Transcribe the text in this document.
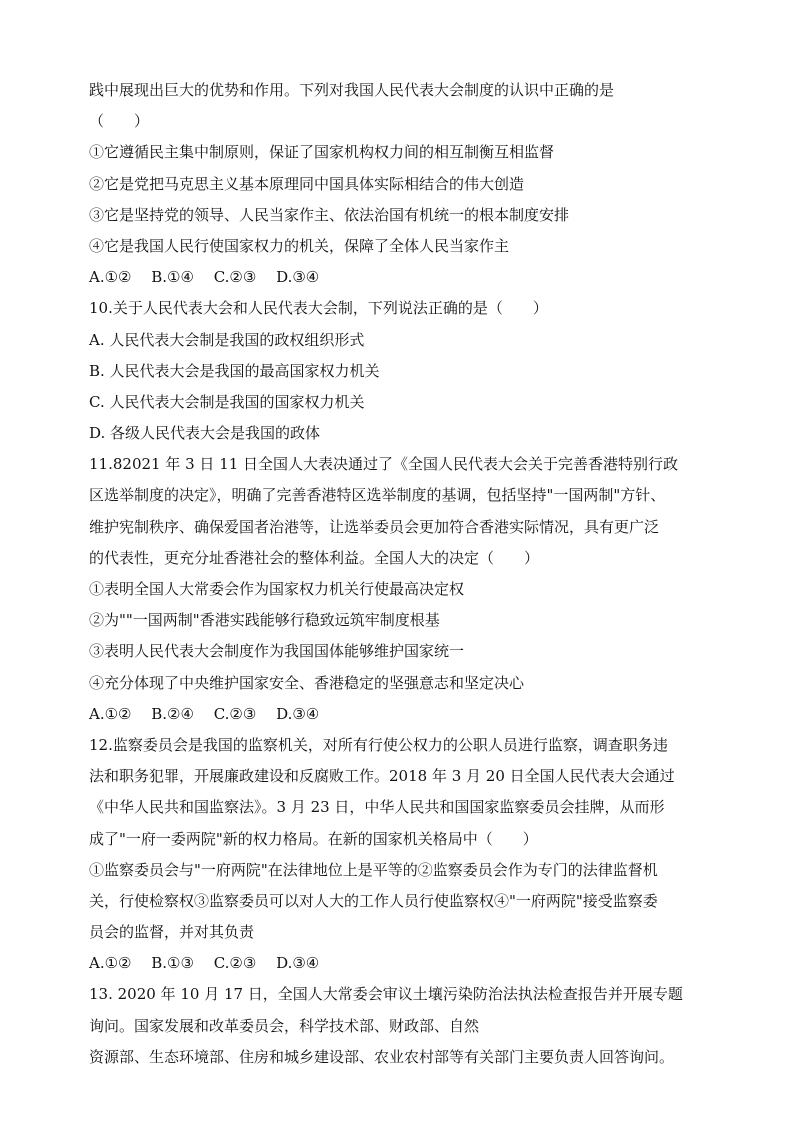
践中展现出巨大的优势和作用。下列对我国人民代表大会制度的认识中正确的是
（　　）
①它遵循民主集中制原则，保证了国家机构权力间的相互制衡互相监督
②它是党把马克思主义基本原理同中国具体实际相结合的伟大创造
③它是坚持党的领导、人民当家作主、依法治国有机统一的根本制度安排
④它是我国人民行使国家权力的机关，保障了全体人民当家作主
A.①②　 B.①④　 C.②③　 D.③④
10.关于人民代表大会和人民代表大会制，下列说法正确的是（　　）
A. 人民代表大会制是我国的政权组织形式
B. 人民代表大会是我国的最高国家权力机关
C. 人民代表大会制是我国的国家权力机关
D. 各级人民代表大会是我国的政体
11.82021 年 3 日 11 日全国人大表决通过了《全国人民代表大会关于完善香港特别行政
区选举制度的决定》，明确了完善香港特区选举制度的基调，包括坚持"一国两制"方针、
维护宪制秩序、确保爱国者治港等，让选举委员会更加符合香港实际情况，具有更广泛
的代表性，更充分址香港社会的整体利益。全国人大的决定（　　）
①表明全国人大常委会作为国家权力机关行使最高决定权
②为""一国两制"香港实践能够行稳致远筑牢制度根基
③表明人民代表大会制度作为我国国体能够维护国家统一
④充分体现了中央维护国家安全、香港稳定的坚强意志和坚定决心
A.①②　 B.②④　 C.②③　 D.③④
12.监察委员会是我国的监察机关，对所有行使公权力的公职人员进行监察，调查职务违
法和职务犯罪，开展廉政建设和反腐败工作。2018 年 3 月 20 日全国人民代表大会通过
《中华人民共和国监察法》。3 月 23 日，中华人民共和国国家监察委员会挂牌，从而形
成了"一府一委两院"新的权力格局。在新的国家机关格局中（　　）
①监察委员会与"一府两院"在法律地位上是平等的②监察委员会作为专门的法律监督机
关，行使检察权③监察委员可以对人大的工作人员行使监察权④"一府两院"接受监察委
员会的监督，并对其负责
A.①②　 B.①③　 C.②③　 D.③④
13. 2020 年 10 月 17 日，全国人大常委会审议土壤污染防治法执法检查报告并开展专题
询问。国家发展和改革委员会，科学技术部、财政部、自然
资源部、生态环境部、住房和城乡建设部、农业农村部等有关部门主要负责人回答询问。
